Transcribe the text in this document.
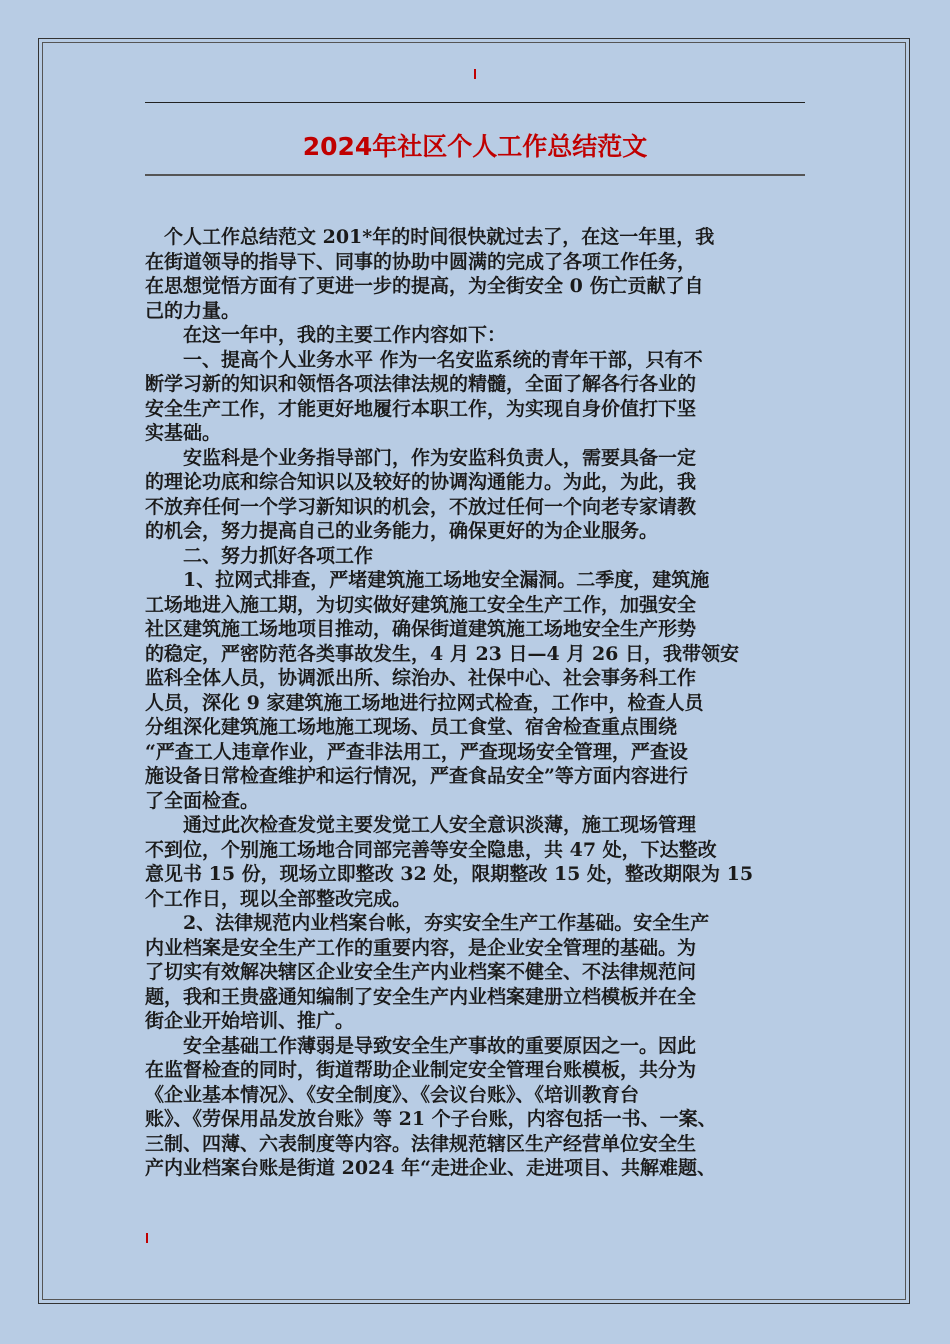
2024年社区个人工作总结范文

　个人工作总结范文 201*年的时间很快就过去了，在这一年里，我

在街道领导的指导下、同事的协助中圆满的完成了各项工作任务，

在思想觉悟方面有了更进一步的提高，为全街安全 0 伤亡贡献了自

己的力量。

　　在这一年中，我的主要工作内容如下：

　　一、提高个人业务水平 作为一名安监系统的青年干部，只有不

断学习新的知识和领悟各项法律法规的精髓，全面了解各行各业的

安全生产工作，才能更好地履行本职工作，为实现自身价值打下坚

实基础。

　　安监科是个业务指导部门，作为安监科负责人，需要具备一定

的理论功底和综合知识以及较好的协调沟通能力。为此，为此，我

不放弃任何一个学习新知识的机会，不放过任何一个向老专家请教

的机会，努力提高自己的业务能力，确保更好的为企业服务。

　　二、努力抓好各项工作

　　1、拉网式排查，严堵建筑施工场地安全漏洞。二季度，建筑施

工场地进入施工期，为切实做好建筑施工安全生产工作，加强安全

社区建筑施工场地项目推动，确保街道建筑施工场地安全生产形势

的稳定，严密防范各类事故发生，4 月 23 日—4 月 26 日，我带领安

监科全体人员，协调派出所、综治办、社保中心、社会事务科工作

人员，深化 9 家建筑施工场地进行拉网式检查，工作中，检查人员

分组深化建筑施工场地施工现场、员工食堂、宿舍检查重点围绕

“严查工人违章作业，严查非法用工，严查现场安全管理，严查设

施设备日常检查维护和运行情况，严查食品安全”等方面内容进行

了全面检查。

　　通过此次检查发觉主要发觉工人安全意识淡薄，施工现场管理

不到位，个别施工场地合同部完善等安全隐患，共 47 处，下达整改

意见书 15 份，现场立即整改 32 处，限期整改 15 处，整改期限为 15

个工作日，现以全部整改完成。

　　2、法律规范内业档案台帐，夯实安全生产工作基础。安全生产

内业档案是安全生产工作的重要内容，是企业安全管理的基础。为

了切实有效解决辖区企业安全生产内业档案不健全、不法律规范问

题，我和王贵盛通知编制了安全生产内业档案建册立档模板并在全

街企业开始培训、推广。

　　安全基础工作薄弱是导致安全生产事故的重要原因之一。因此

在监督检查的同时，街道帮助企业制定安全管理台账模板，共分为

《企业基本情况》、《安全制度》、《会议台账》、《培训教育台

账》、《劳保用品发放台账》等 21 个子台账，内容包括一书、一案、

三制、四薄、六表制度等内容。法律规范辖区生产经营单位安全生

产内业档案台账是街道 2024 年“走进企业、走进项目、共解难题、
